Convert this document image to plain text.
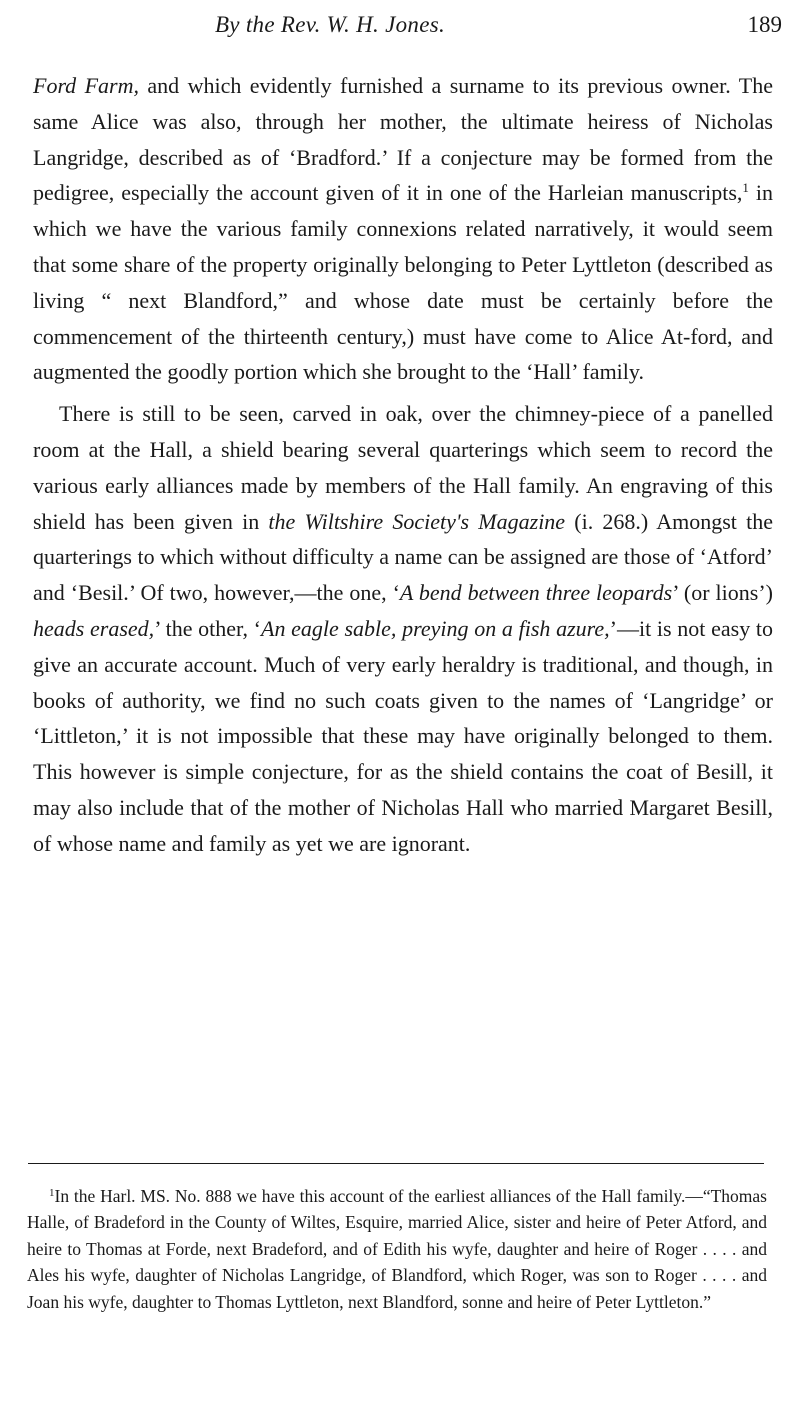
By the Rev. W. H. Jones.	189

Ford Farm, and which evidently furnished a surname to its previous owner. The same Alice was also, through her mother, the ultimate heiress of Nicholas Langridge, described as of ‘Bradford.’ If a conjecture may be formed from the pedigree, especially the account given of it in one of the Harleian manuscripts,$^1$ in which we have the various family connexions related narratively, it would seem that some share of the property originally belonging to Peter Lyttleton (described as living “ next Blandford,” and whose date must be certainly before the commencement of the thirteenth century,) must have come to Alice At-ford, and augmented the goodly portion which she brought to the ‘Hall’ family.

There is still to be seen, carved in oak, over the chimney-piece of a panelled room at the Hall, a shield bearing several quarterings which seem to record the various early alliances made by members of the Hall family. An engraving of this shield has been given in the Wiltshire Society's Magazine (i. 268.) Amongst the quarterings to which without difficulty a name can be assigned are those of ‘Atford’ and ‘Besil.’ Of two, however,—the one, ‘A bend between three leopards’ (or lions’) heads erased,’ the other, ‘An eagle sable, preying on a fish azure,’—it is not easy to give an accurate account. Much of very early heraldry is traditional, and though, in books of authority, we find no such coats given to the names of ‘Langridge’ or ‘Littleton,’ it is not impossible that these may have originally belonged to them. This however is simple conjecture, for as the shield contains the coat of Besill, it may also include that of the mother of Nicholas Hall who married Margaret Besill, of whose name and family as yet we are ignorant.

$^1$In the Harl. MS. No. 888 we have this account of the earliest alliances of the Hall family.—“Thomas Halle, of Bradeford in the County of Wiltes, Esquire, married Alice, sister and heire of Peter Atford, and heire to Thomas at Forde, next Bradeford, and of Edith his wyfe, daughter and heire of Roger . . . . and Ales his wyfe, daughter of Nicholas Langridge, of Blandford, which Roger, was son to Roger . . . . and Joan his wyfe, daughter to Thomas Lyttleton, next Blandford, sonne and heire of Peter Lyttleton.”
